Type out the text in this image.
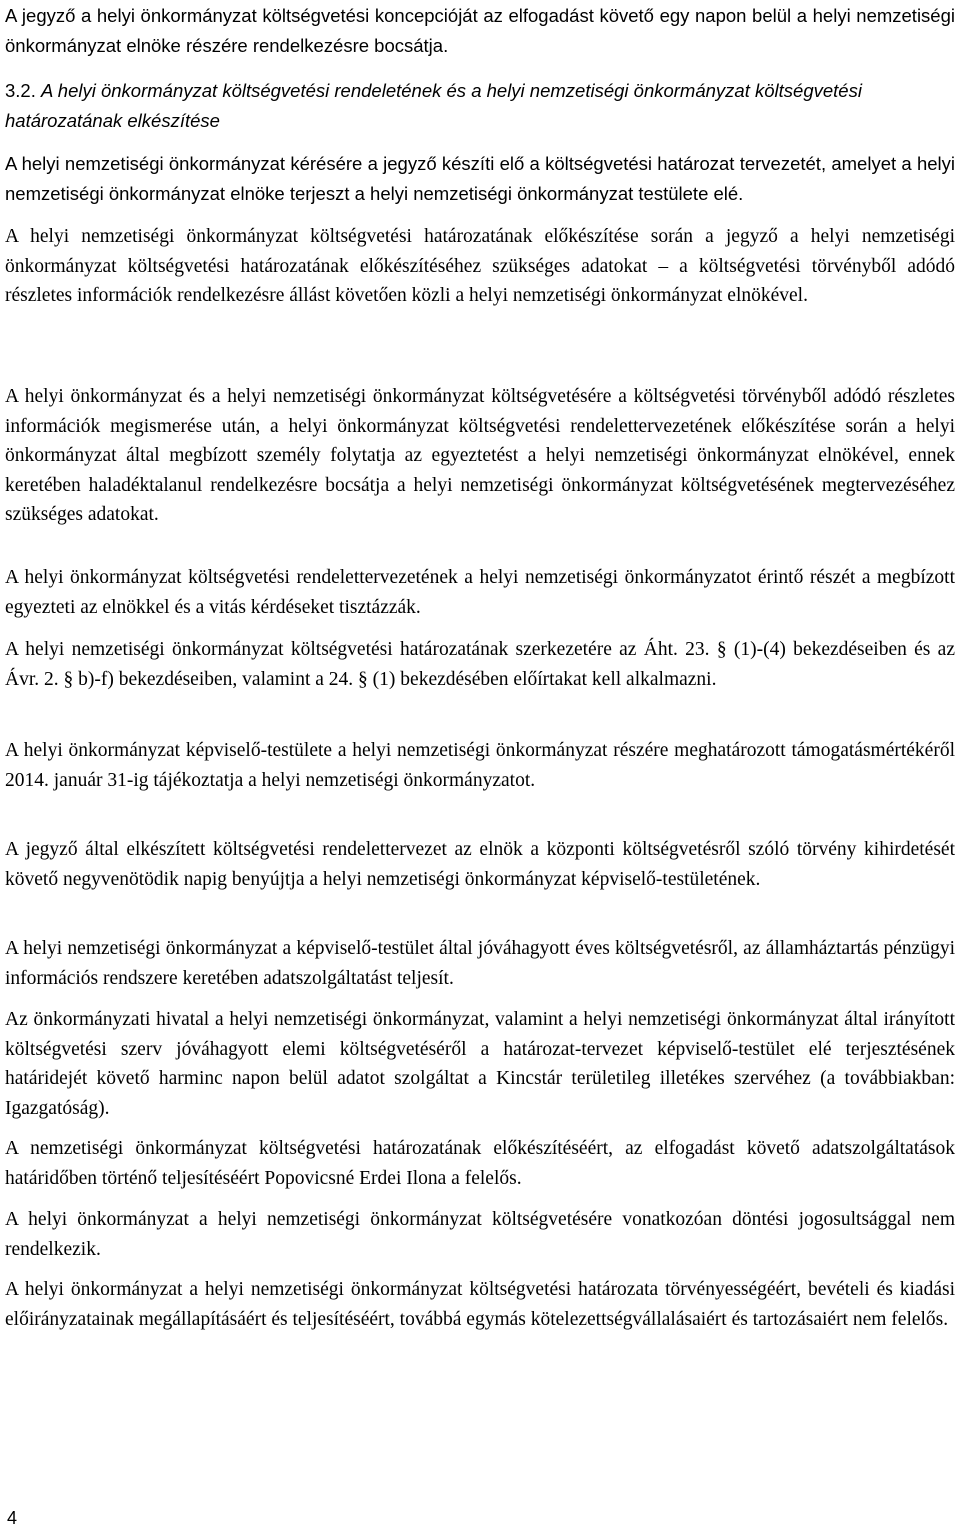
A jegyző a helyi önkormányzat költségvetési koncepcióját az elfogadást követő egy napon belül a helyi nemzetiségi önkormányzat elnöke részére rendelkezésre bocsátja.

3.2. A helyi önkormányzat költségvetési rendeletének és a helyi nemzetiségi önkormányzat költségvetési határozatának elkészítése

A helyi nemzetiségi önkormányzat kérésére a jegyző készíti elő a költségvetési határozat tervezetét, amelyet a helyi nemzetiségi önkormányzat elnöke terjeszt a helyi nemzetiségi önkormányzat testülete elé.

A helyi nemzetiségi önkormányzat költségvetési határozatának előkészítése során a jegyző a helyi nemzetiségi önkormányzat költségvetési határozatának előkészítéséhez szükséges adatokat – a költségvetési törvényből adódó részletes információk rendelkezésre állást követően közli a helyi nemzetiségi önkormányzat elnökével.

A helyi önkormányzat és a helyi nemzetiségi önkormányzat költségvetésére a költségvetési törvényből adódó részletes információk megismerése után, a helyi önkormányzat költségvetési rendelettervezetének előkészítése során a helyi önkormányzat által megbízott személy folytatja az egyeztetést a helyi nemzetiségi önkormányzat elnökével, ennek keretében haladéktalanul rendelkezésre bocsátja a helyi nemzetiségi önkormányzat költségvetésének megtervezéséhez szükséges adatokat.

A helyi önkormányzat költségvetési rendelettervezetének a helyi nemzetiségi önkormányzatot érintő részét a megbízott egyezteti az elnökkel és a vitás kérdéseket tisztázzák.

A helyi nemzetiségi önkormányzat költségvetési határozatának szerkezetére az Áht. 23. § (1)-(4) bekezdéseiben és az Ávr. 2. § b)-f) bekezdéseiben, valamint a 24. § (1) bekezdésében előírtakat kell alkalmazni.

A helyi önkormányzat képviselő-testülete a helyi nemzetiségi önkormányzat részére meghatározott támogatásmértékéről 2014. január 31-ig tájékoztatja a helyi nemzetiségi önkormányzatot.

A jegyző által elkészített költségvetési rendelettervezet az elnök a központi költségvetésről szóló törvény kihirdetését követő negyvenötödik napig benyújtja a helyi nemzetiségi önkormányzat képviselő-testületének.

A helyi nemzetiségi önkormányzat a képviselő-testület által jóváhagyott éves költségvetésről, az államháztartás pénzügyi információs rendszere keretében adatszolgáltatást teljesít.

Az önkormányzati hivatal a helyi nemzetiségi önkormányzat, valamint a helyi nemzetiségi önkormányzat által irányított költségvetési szerv jóváhagyott elemi költségvetéséről a határozat-tervezet képviselő-testület elé terjesztésének határidejét követő harminc napon belül adatot szolgáltat a Kincstár területileg illetékes szervéhez (a továbbiakban: Igazgatóság).

A nemzetiségi önkormányzat költségvetési határozatának előkészítéséért, az elfogadást követő adatszolgáltatások határidőben történő teljesítéséért Popovicsné Erdei Ilona a felelős.

A helyi önkormányzat a helyi nemzetiségi önkormányzat költségvetésére vonatkozóan döntési jogosultsággal nem rendelkezik.

A helyi önkormányzat a helyi nemzetiségi önkormányzat költségvetési határozata törvényességéért, bevételi és kiadási előirányzatainak megállapításáért és teljesítéséért, továbbá egymás kötelezettségvállalásaiért és tartozásaiért nem felelős.

4
